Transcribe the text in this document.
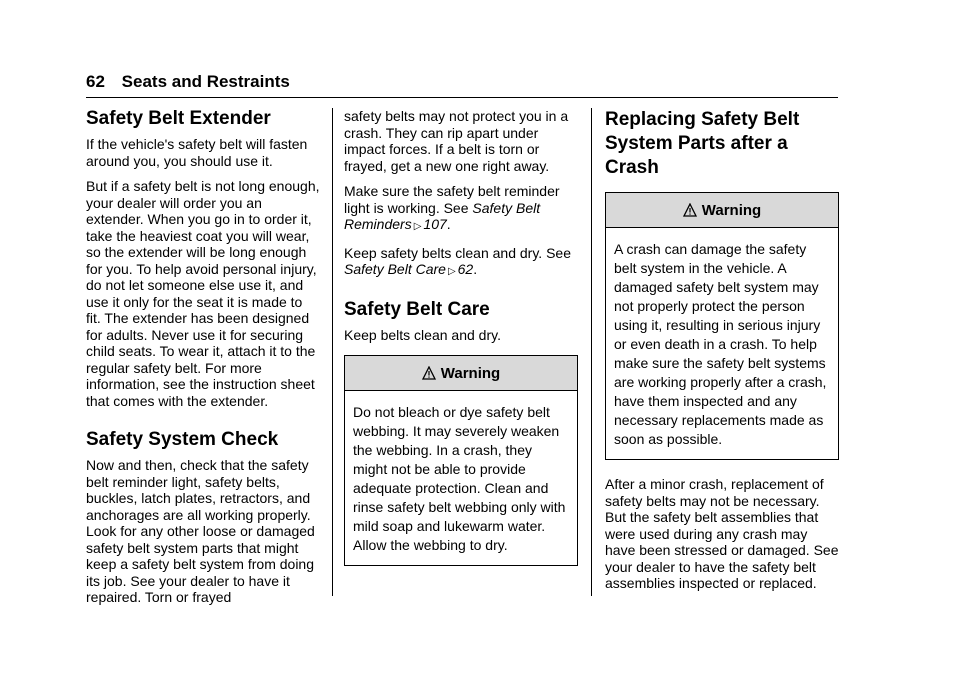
62 Seats and Restraints
Safety Belt Extender

If the vehicle's safety belt will fasten around you, you should use it.

But if a safety belt is not long enough, your dealer will order you an extender. When you go in to order it, take the heaviest coat you will wear, so the extender will be long enough for you. To help avoid personal injury, do not let someone else use it, and use it only for the seat it is made to fit. The extender has been designed for adults. Never use it for securing child seats. To wear it, attach it to the regular safety belt. For more information, see the instruction sheet that comes with the extender.

Safety System Check

Now and then, check that the safety belt reminder light, safety belts, buckles, latch plates, retractors, and anchorages are all working properly. Look for any other loose or damaged safety belt system parts that might keep a safety belt system from doing its job. See your dealer to have it repaired. Torn or frayed

safety belts may not protect you in a crash. They can rip apart under impact forces. If a belt is torn or frayed, get a new one right away.

Make sure the safety belt reminder light is working. See Safety Belt Reminders ▷ 107.

Keep safety belts clean and dry. See Safety Belt Care ▷ 62.

Safety Belt Care

Keep belts clean and dry.

Warning
Do not bleach or dye safety belt webbing. It may severely weaken the webbing. In a crash, they might not be able to provide adequate protection. Clean and rinse safety belt webbing only with mild soap and lukewarm water. Allow the webbing to dry.
Replacing Safety Belt System Parts after a Crash
Warning
A crash can damage the safety belt system in the vehicle. A damaged safety belt system may not properly protect the person using it, resulting in serious injury or even death in a crash. To help make sure the safety belt systems are working properly after a crash, have them inspected and any necessary replacements made as soon as possible.

After a minor crash, replacement of safety belts may not be necessary. But the safety belt assemblies that were used during any crash may have been stressed or damaged. See your dealer to have the safety belt assemblies inspected or replaced.
